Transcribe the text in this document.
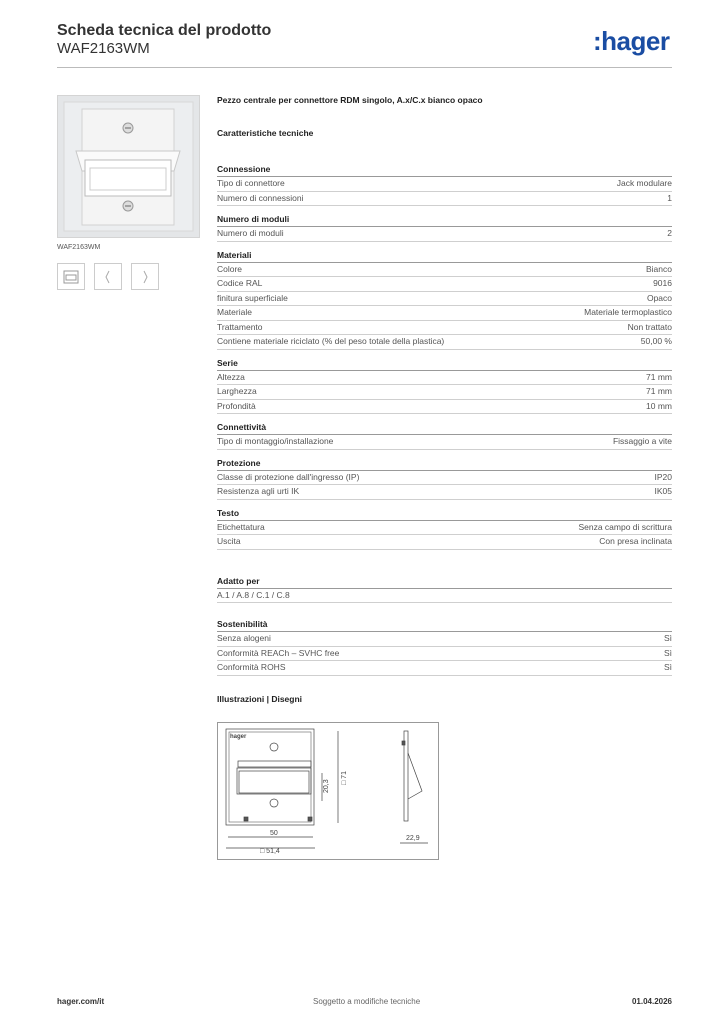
Scheda tecnica del prodotto
WAF2163WM	:hager
WAF2163WM
Pezzo centrale per connettore RDM singolo, A.x/C.x bianco opaco
Caratteristiche tecniche
Connessione
Tipo di connettore	Jack modulare
Numero di connessioni	1
Numero di moduli
Numero di moduli	2
Materiali
Colore	Bianco
Codice RAL	9016
finitura superficiale	Opaco
Materiale	Materiale termoplastico
Trattamento	Non trattato
Contiene materiale riciclato (% del peso totale della plastica)	50,00 %
Serie
Altezza	71 mm
Larghezza	71 mm
Profondità	10 mm
Connettività
Tipo di montaggio/installazione	Fissaggio a vite
Protezione
Classe di protezione dall'ingresso (IP)	IP20
Resistenza agli urti IK	IK05
Testo
Etichettatura	Senza campo di scrittura
Uscita	Con presa inclinata
Adatto per
A.1 / A.8 / C.1 / C.8
Sostenibilità
Senza alogeni	Sì
Conformità REACh – SVHC free	Sì
Conformità ROHS	Sì
Illustrazioni | Disegni
hager
50
□ 51,4
20,3
□ 71
22,9
hager.com/it	Soggetto a modifiche tecniche	01.04.2026
